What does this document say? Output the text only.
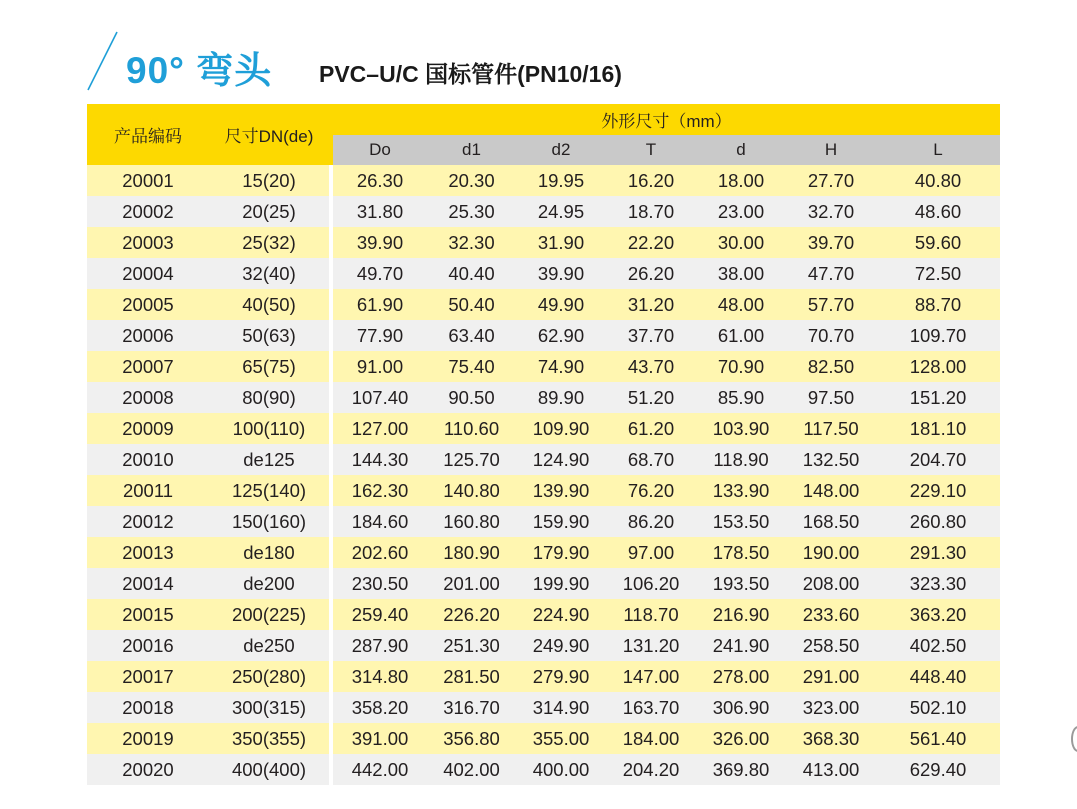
90° 弯头 PVC–U/C 国标管件(PN10/16)
产品编码	尺寸DN(de)		外形尺寸（mm）						
			Do	d1	d2	T	d	H	L
20001	15(20)		26.30	20.30	19.95	16.20	18.00	27.70	40.80
20002	20(25)		31.80	25.30	24.95	18.70	23.00	32.70	48.60
20003	25(32)		39.90	32.30	31.90	22.20	30.00	39.70	59.60
20004	32(40)		49.70	40.40	39.90	26.20	38.00	47.70	72.50
20005	40(50)		61.90	50.40	49.90	31.20	48.00	57.70	88.70
20006	50(63)		77.90	63.40	62.90	37.70	61.00	70.70	109.70
20007	65(75)		91.00	75.40	74.90	43.70	70.90	82.50	128.00
20008	80(90)		107.40	90.50	89.90	51.20	85.90	97.50	151.20
20009	100(110)		127.00	110.60	109.90	61.20	103.90	117.50	181.10
20010	de125		144.30	125.70	124.90	68.70	118.90	132.50	204.70
20011	125(140)		162.30	140.80	139.90	76.20	133.90	148.00	229.10
20012	150(160)		184.60	160.80	159.90	86.20	153.50	168.50	260.80
20013	de180		202.60	180.90	179.90	97.00	178.50	190.00	291.30
20014	de200		230.50	201.00	199.90	106.20	193.50	208.00	323.30
20015	200(225)		259.40	226.20	224.90	118.70	216.90	233.60	363.20
20016	de250		287.90	251.30	249.90	131.20	241.90	258.50	402.50
20017	250(280)		314.80	281.50	279.90	147.00	278.00	291.00	448.40
20018	300(315)		358.20	316.70	314.90	163.70	306.90	323.00	502.10
20019	350(355)		391.00	356.80	355.00	184.00	326.00	368.30	561.40
20020	400(400)		442.00	402.00	400.00	204.20	369.80	413.00	629.40
